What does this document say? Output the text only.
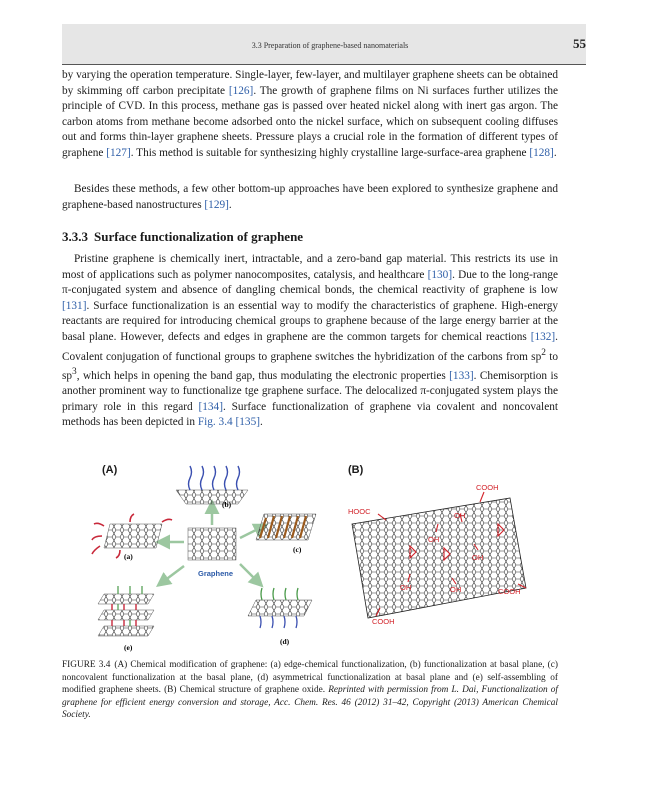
3.3 Preparation of graphene-based nanomaterials	55

by varying the operation temperature. Single-layer, few-layer, and multilayer graphene sheets can be obtained by skimming off carbon precipitate [126]. The growth of graphene films on Ni surfaces further utilizes the principle of CVD. In this process, methane gas is passed over heated nickel along with inert gas argon. The carbon atoms from methane become adsorbed onto the nickel surface, which on subsequent cooling diffuses out and forms thin-layer graphene sheets. Pressure plays a crucial role in the formation of different types of graphene [127]. This method is suitable for synthesizing highly crystalline large-surface-area graphene [128].

Besides these methods, a few other bottom-up approaches have been explored to synthesize graphene and graphene-based nanostructures [129].

3.3.3 Surface functionalization of graphene

Pristine graphene is chemically inert, intractable, and a zero-band gap material. This restricts its use in most of applications such as polymer nanocomposites, catalysis, and healthcare [130]. Due to the long-range π-conjugated system and absence of dangling chemical bonds, the chemical reactivity of graphene is low [131]. Surface functionalization is an essential way to modify the characteristics of graphene. High-energy reactants are required for introducing chemical groups to graphene because of the large energy barrier at the basal plane. However, defects and edges in graphene are the common targets for chemical reactions [132]. Covalent conjugation of functional groups to graphene switches the hybridization of the carbons from $sp^2$ to $sp^3$, which helps in opening the band gap, thus modulating the electronic properties [133]. Chemisorption is another prominent way to functionalize tge graphene surface. The delocalized π-conjugated system plays the primary role in this regard [134]. Surface functionalization of graphene via covalent and noncovalent methods has been depicted in Fig. 3.4 [135].

(A)	(B)
Graphene
(b)
(a)
(c)
(e)
(d)
COOH
HOOC
OH
OH
OH
OH	OH	COOH
COOH

FIGURE 3.4 (A) Chemical modification of graphene: (a) edge-chemical functionalization, (b) functionalization at basal plane, (c) noncovalent functionalization at the basal plane, (d) asymmetrical functionalization at basal plane and (e) self-assembling of modified graphene sheets. (B) Chemical structure of graphene oxide. Reprinted with permission from L. Dai, Functionalization of graphene for efficient energy conversion and storage, Acc. Chem. Res. 46 (2012) 31–42, Copyright (2013) American Chemical Society.
